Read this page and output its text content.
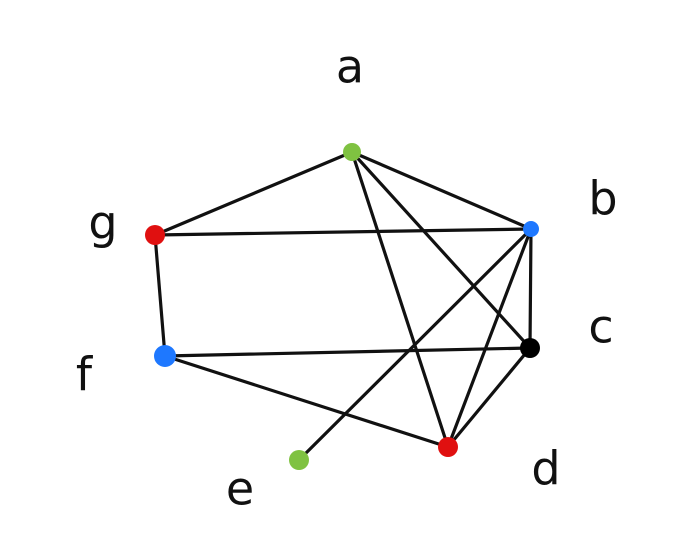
a
b
c
d
e
f
g
